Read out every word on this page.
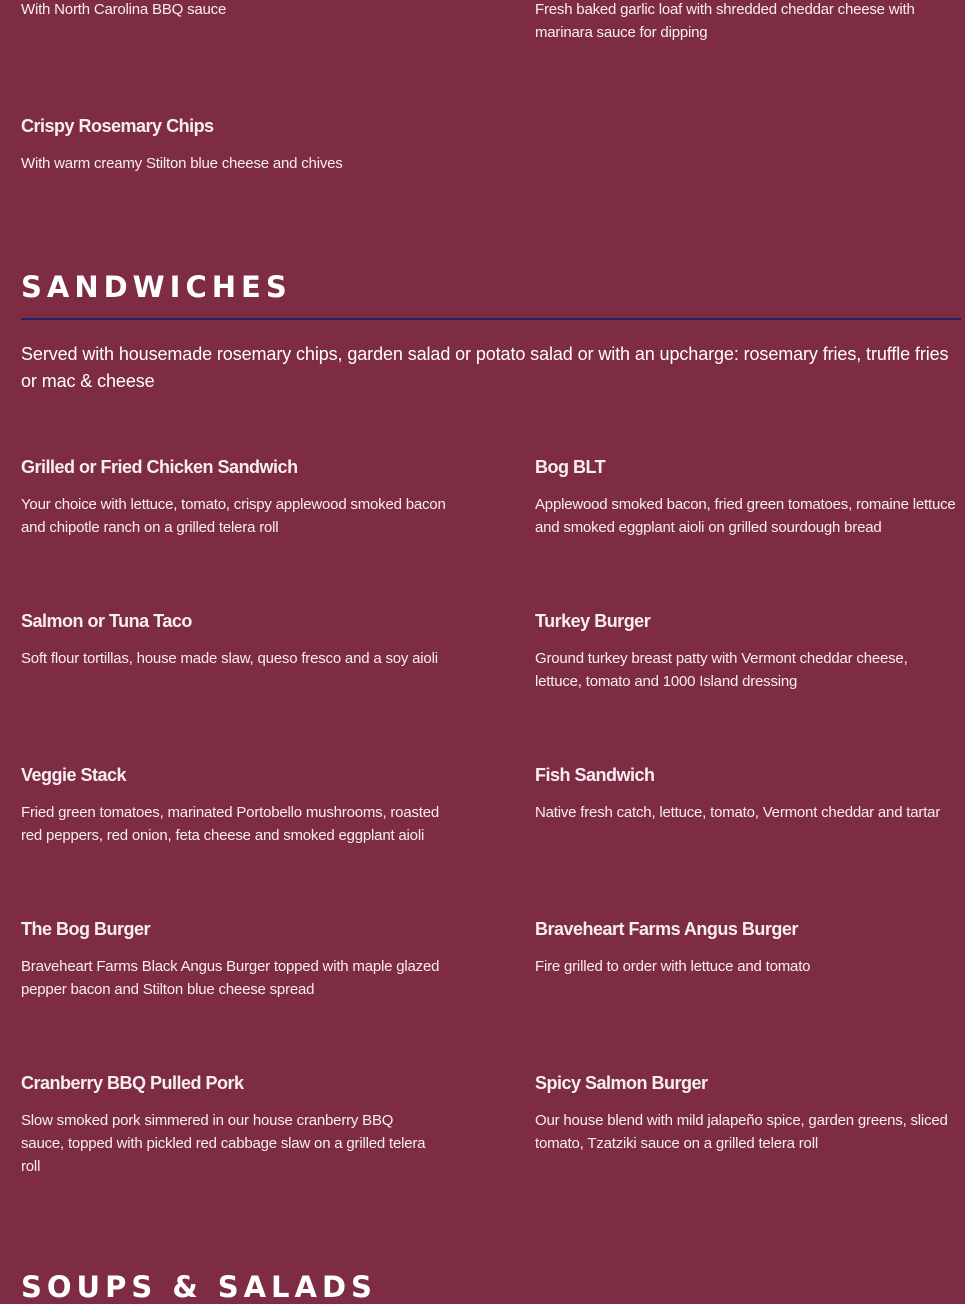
With North Carolina BBQ sauce	Fresh baked garlic loaf with shredded cheddar cheese with marinara sauce for dipping
Crispy Rosemary Chips
With warm creamy Stilton blue cheese and chives
SANDWICHES
Served with housemade rosemary chips, garden salad or potato salad or with an upcharge: rosemary fries, truffle fries or mac & cheese
Grilled or Fried Chicken Sandwich
Your choice with lettuce, tomato, crispy applewood smoked bacon and chipotle ranch on a grilled telera roll
Bog BLT
Applewood smoked bacon, fried green tomatoes, romaine lettuce and smoked eggplant aioli on grilled sourdough bread
Salmon or Tuna Taco
Soft flour tortillas, house made slaw, queso fresco and a soy aioli
Turkey Burger
Ground turkey breast patty with Vermont cheddar cheese, lettuce, tomato and 1000 Island dressing
Veggie Stack
Fried green tomatoes, marinated Portobello mushrooms, roasted red peppers, red onion, feta cheese and smoked eggplant aioli
Fish Sandwich
Native fresh catch, lettuce, tomato, Vermont cheddar and tartar
The Bog Burger
Braveheart Farms Black Angus Burger topped with maple glazed pepper bacon and Stilton blue cheese spread
Braveheart Farms Angus Burger
Fire grilled to order with lettuce and tomato
Cranberry BBQ Pulled Pork
Slow smoked pork simmered in our house cranberry BBQ sauce, topped with pickled red cabbage slaw on a grilled telera roll
Spicy Salmon Burger
Our house blend with mild jalapeño spice, garden greens, sliced tomato, Tzatziki sauce on a grilled telera roll
SOUPS & SALADS
